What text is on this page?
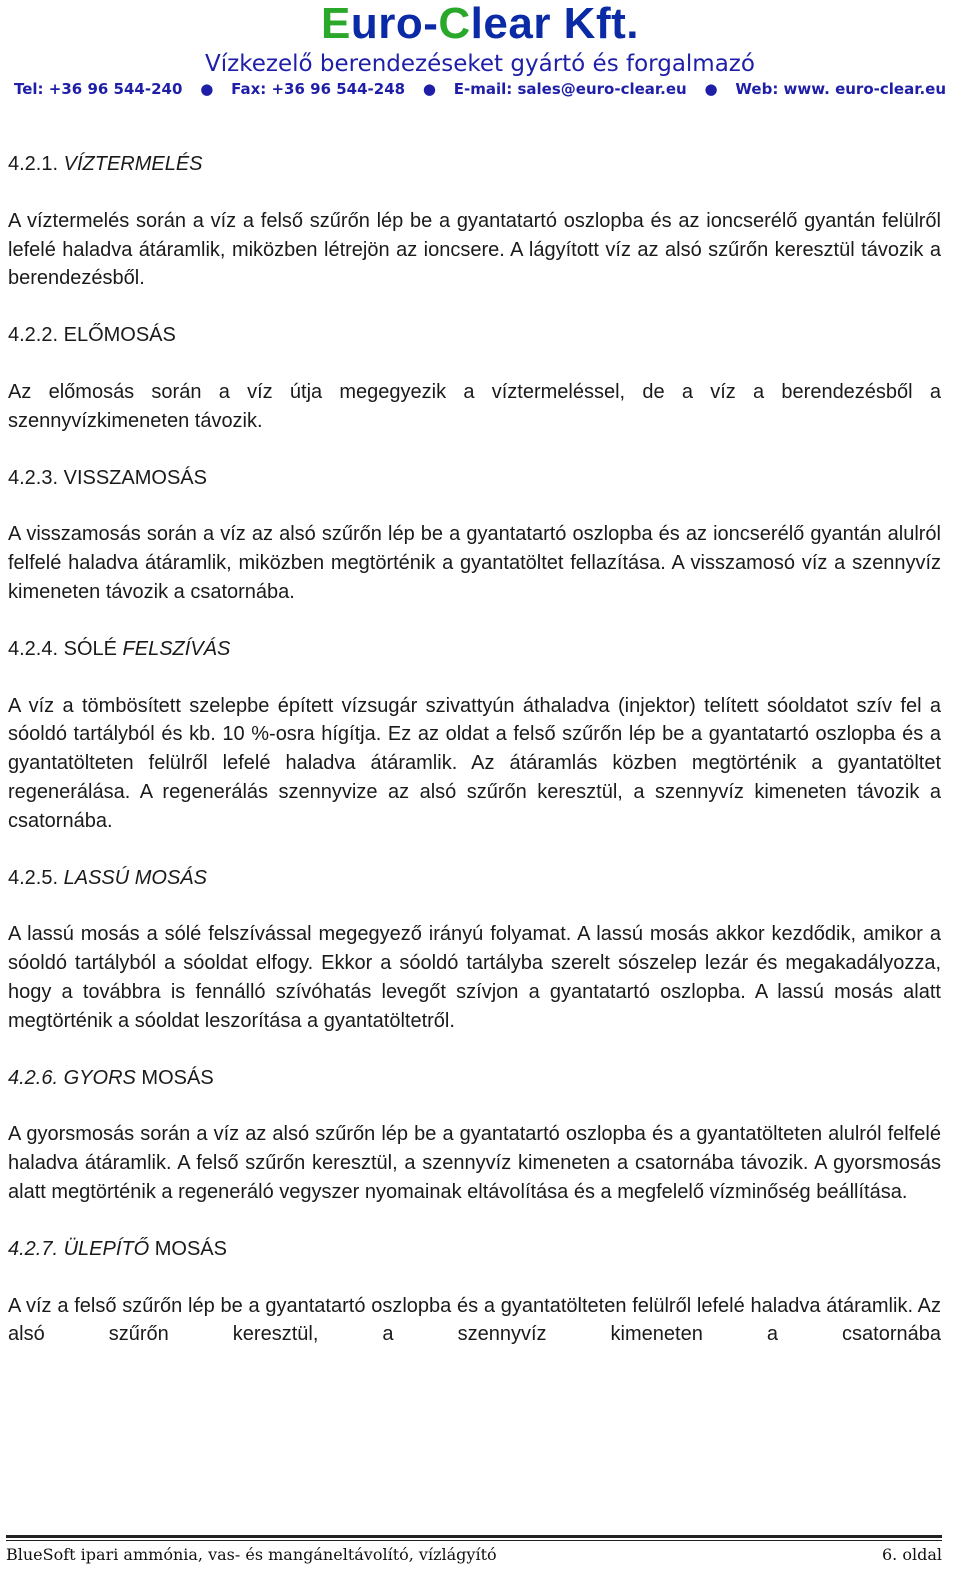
Euro-Clear Kft.
Vízkezelő berendezéseket gyártó és forgalmazó
Tel: +36 96 544-240 ● Fax: +36 96 544-248 ● E-mail: sales@euro-clear.eu ● Web: www. euro-clear.eu
4.2.1. VÍZTERMELÉS

A víztermelés során a víz a felső szűrőn lép be a gyantatartó oszlopba és az ioncserélő gyantán felülről lefelé haladva átáramlik, miközben létrejön az ioncsere. A lágyított víz az alsó szűrőn keresztül távozik a berendezésből.

4.2.2. ELŐMOSÁS

Az előmosás során a víz útja megegyezik a víztermeléssel, de a víz a berendezésből a szennyvízkimeneten távozik.

4.2.3. VISSZAMOSÁS

A visszamosás során a víz az alsó szűrőn lép be a gyantatartó oszlopba és az ioncserélő gyantán alulról felfelé haladva átáramlik, miközben megtörténik a gyantatöltet fellazítása. A visszamosó víz a szennyvíz kimeneten távozik a csatornába.

4.2.4. SÓLÉ FELSZÍVÁS

A víz a tömbösített szelepbe épített vízsugár szivattyún áthaladva (injektor) telített sóoldatot szív fel a sóoldó tartályból és kb. 10 %-osra hígítja. Ez az oldat a felső szűrőn lép be a gyantatartó oszlopba és a gyantatölteten felülről lefelé haladva átáramlik. Az átáramlás közben megtörténik a gyantatöltet regenerálása. A regenerálás szennyvize az alsó szűrőn keresztül, a szennyvíz kimeneten távozik a csatornába.

4.2.5. LASSÚ MOSÁS

A lassú mosás a sólé felszívással megegyező irányú folyamat. A lassú mosás akkor kezdődik, amikor a sóoldó tartályból a sóoldat elfogy. Ekkor a sóoldó tartályba szerelt sószelep lezár és megakadályozza, hogy a továbbra is fennálló szívóhatás levegőt szívjon a gyantatartó oszlopba. A lassú mosás alatt megtörténik a sóoldat leszorítása a gyantatöltetről.

4.2.6. GYORS MOSÁS

A gyorsmosás során a víz az alsó szűrőn lép be a gyantatartó oszlopba és a gyantatölteten alulról felfelé haladva átáramlik. A felső szűrőn keresztül, a szennyvíz kimeneten a csatornába távozik. A gyorsmosás alatt megtörténik a regeneráló vegyszer nyomainak eltávolítása és a megfelelő vízminőség beállítása.

4.2.7. ÜLEPÍTŐ MOSÁS

A víz a felső szűrőn lép be a gyantatartó oszlopba és a gyantatölteten felülről lefelé haladva átáramlik. Az alsó szűrőn keresztül, a szennyvíz kimeneten a csatornába

BlueSoft ipari ammónia, vas- és mangáneltávolító, vízlágyító	6. oldal
